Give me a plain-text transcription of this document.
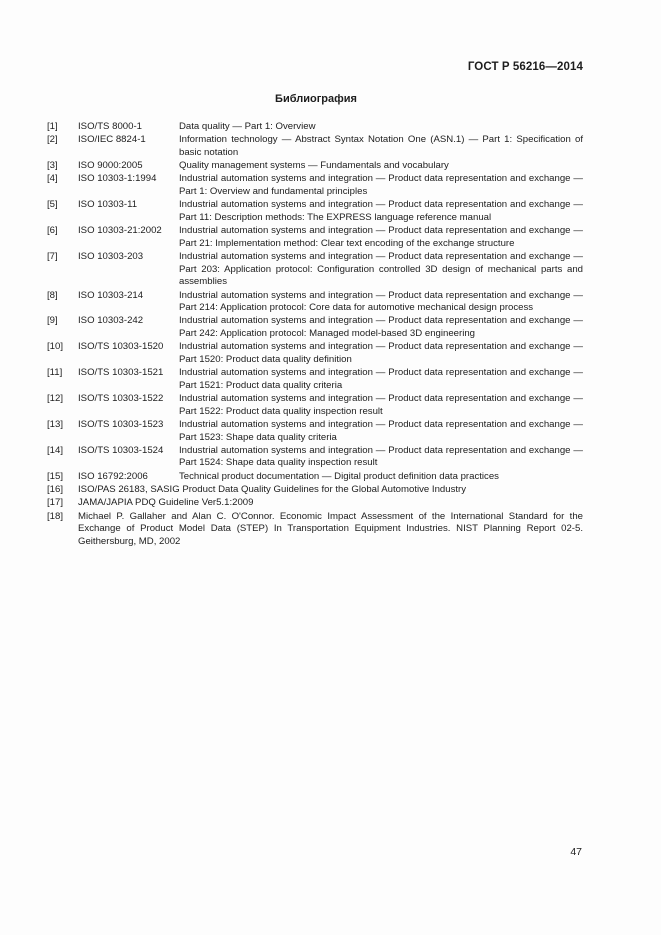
ГОСТ Р 56216—2014
Библиография
[1]	ISO/TS 8000-1	Data quality — Part 1: Overview
[2]	ISO/IEC 8824-1	Information technology — Abstract Syntax Notation One (ASN.1) — Part 1: Specification of basic notation
[3]	ISO 9000:2005	Quality management systems — Fundamentals and vocabulary
[4]	ISO 10303-1:1994	Industrial automation systems and integration — Product data representation and exchange — Part 1: Overview and fundamental principles
[5]	ISO 10303-11	Industrial automation systems and integration — Product data representation and exchange — Part 11: Description methods: The EXPRESS language reference manual
[6]	ISO 10303-21:2002	Industrial automation systems and integration — Product data representation and exchange — Part 21: Implementation method: Clear text encoding of the exchange structure
[7]	ISO 10303-203	Industrial automation systems and integration — Product data representation and exchange — Part 203: Application protocol: Configuration controlled 3D design of mechanical parts and assemblies
[8]	ISO 10303-214	Industrial automation systems and integration — Product data representation and exchange — Part 214: Application protocol: Core data for automotive mechanical design process
[9]	ISO 10303-242	Industrial automation systems and integration — Product data representation and exchange — Part 242: Application protocol: Managed model-based 3D engineering
[10]	ISO/TS 10303-1520	Industrial automation systems and integration — Product data representation and exchange — Part 1520: Product data quality definition
[11]	ISO/TS 10303-1521	Industrial automation systems and integration — Product data representation and exchange — Part 1521: Product data quality criteria
[12]	ISO/TS 10303-1522	Industrial automation systems and integration — Product data representation and exchange — Part 1522: Product data quality inspection result
[13]	ISO/TS 10303-1523	Industrial automation systems and integration — Product data representation and exchange — Part 1523: Shape data quality criteria
[14]	ISO/TS 10303-1524	Industrial automation systems and integration — Product data representation and exchange — Part 1524: Shape data quality inspection result
[15]	ISO 16792:2006	Technical product documentation — Digital product definition data practices
[16]	ISO/PAS 26183, SASIG Product Data Quality Guidelines for the Global Automotive Industry
[17]	JAMA/JAPIA PDQ Guideline Ver5.1:2009
[18]	Michael P. Gallaher and Alan C. O'Connor. Economic Impact Assessment of the International Standard for the Exchange of Product Model Data (STEP) In Transportation Equipment Industries. NIST Planning Report 02-5. Geithersburg, MD, 2002
47
